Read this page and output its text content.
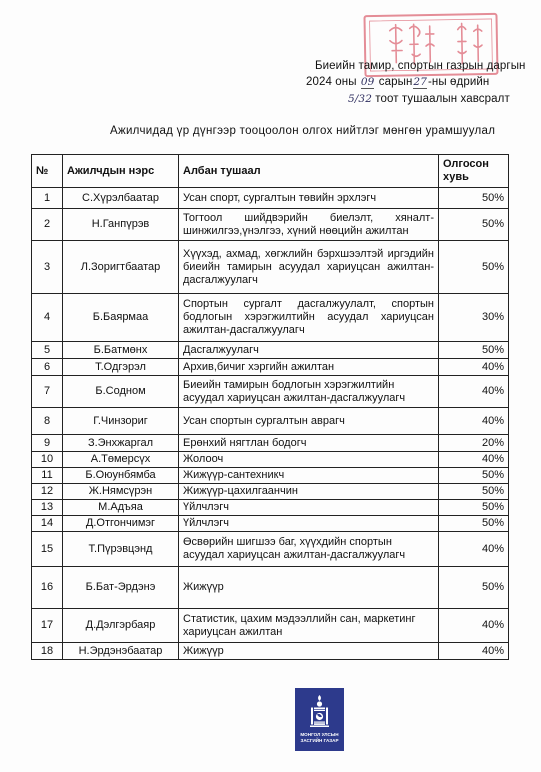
Биеийн тамир, спортын газрын даргын
2024 оны 09 сарын27-ны өдрийн
5/32 тоот тушаалын хавсралт
Ажилчидад үр дүнгээр тооцоолон олгох нийтлэг мөнгөн урамшуулал
№	Ажилчдын нэрс	Албан тушаал	Олгосон хувь
1	С.Хүрэлбаатар	Усан спорт, сургалтын төвийн эрхлэгч	50%
2	Н.Ганпүрэв	Тогтоол шийдвэрийн биелэлт, хяналт-шинжилгээ,үнэлгээ, хүний нөөцийн ажилтан	50%
3	Л.Зоригтбаатар	Хүүхэд, ахмад, хөгжлийн бэрхшээлтэй иргэдийн биеийн тамирын асуудал хариуцсан ажилтан-дасгалжуулагч	50%
4	Б.Баярмаа	Спортын сургалт дасгалжуулалт, спортын бодлогын хэрэгжилтийн асуудал хариуцсан ажилтан-дасгалжуулагч	30%
5	Б.Батмөнх	Дасгалжуулагч	50%
6	Т.Одгэрэл	Архив,бичиг хэргийн ажилтан	40%
7	Б.Содном	Биеийн тамирын бодлогын хэрэгжилтийн асуудал хариуцсан ажилтан-дасгалжуулагч	40%
8	Г.Чинзориг	Усан спортын сургалтын аврагч	40%
9	З.Энхжаргал	Ерөнхий нягтлан бодогч	20%
10	А.Төмерсүх	Жолооч	40%
11	Б.Оюунбямба	Жижүүр-сантехникч	50%
12	Ж.Нямсүрэн	Жижүүр-цахилгаанчин	50%
13	М.Адъяа	Үйлчлэгч	50%
14	Д.Отгончимэг	Үйлчлэгч	50%
15	Т.Пүрэвцэнд	Өсвөрийн шигшээ баг, хүүхдийн спортын асуудал хариуцсан ажилтан-дасгалжуулагч	40%
16	Б.Бат-Эрдэнэ	Жижүүр	50%
17	Д.Дэлгэрбаяр	Статистик, цахим мэдээллийн сан, маркетинг хариуцсан ажилтан	40%
18	Н.Эрдэнэбаатар	Жижүүр	40%
МОНГОЛ УЛСЫН
ЗАСГИЙН ГАЗАР
